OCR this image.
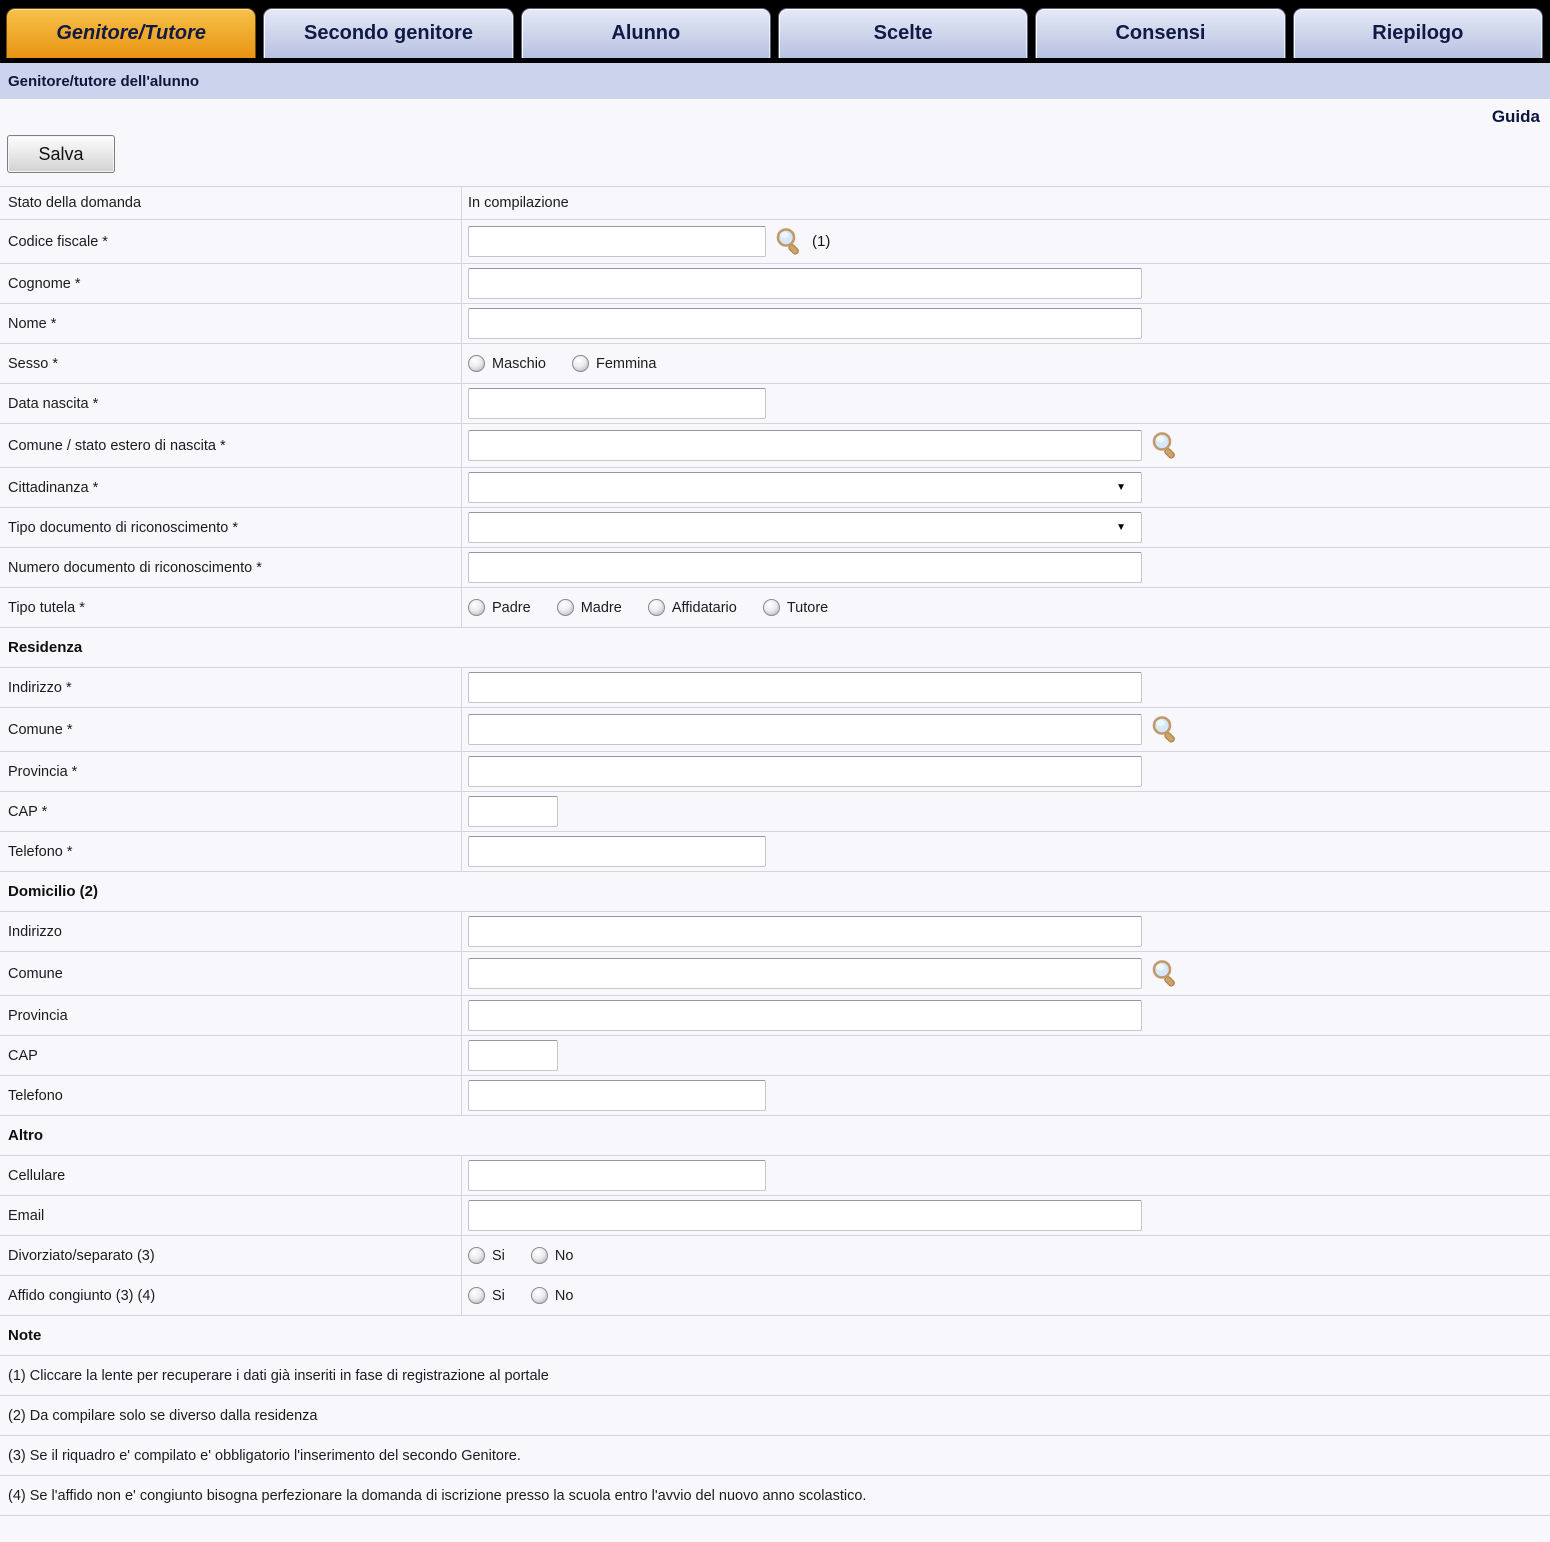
Genitore/Tutore	Secondo genitore	Alunno	Scelte	Consensi	Riepilogo
Genitore/tutore dell'alunno
Guida
Salva
Stato della domanda	In compilazione
Codice fiscale *	(1)
Cognome *
Nome *
Sesso *	Maschio	Femmina
Data nascita *
Comune / stato estero di nascita *
Cittadinanza *	▼
Tipo documento di riconoscimento *	▼
Numero documento di riconoscimento *
Tipo tutela *	Padre	Madre	Affidatario	Tutore
Residenza
Indirizzo *
Comune *
Provincia *
CAP *
Telefono *
Domicilio (2)
Indirizzo
Comune
Provincia
CAP
Telefono
Altro
Cellulare
Email
Divorziato/separato (3)	Si	No
Affido congiunto (3) (4)	Si	No
Note
(1) Cliccare la lente per recuperare i dati già inseriti in fase di registrazione al portale
(2) Da compilare solo se diverso dalla residenza
(3) Se il riquadro e' compilato e' obbligatorio l'inserimento del secondo Genitore.
(4) Se l'affido non e' congiunto bisogna perfezionare la domanda di iscrizione presso la scuola entro l'avvio del nuovo anno scolastico.
